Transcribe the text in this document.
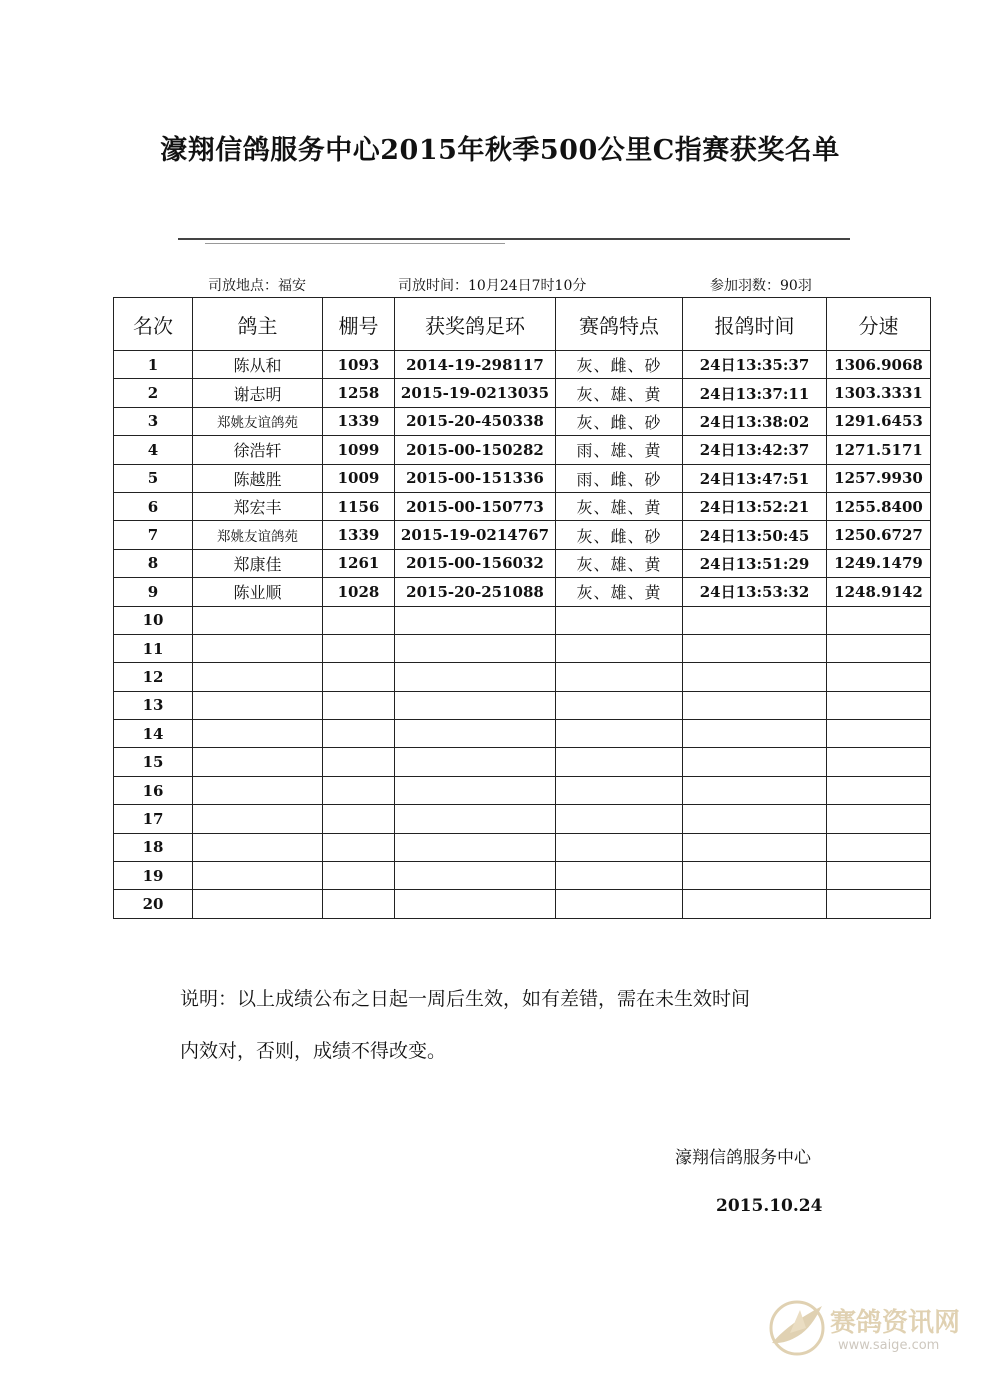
濠翔信鸽服务中心2015年秋季500公里C指赛获奖名单
司放地点：福安	司放时间：10月24日7时10分	参加羽数：90羽
名次	鸽主	棚号	获奖鸽足环	赛鸽特点	报鸽时间	分速
1	陈从和	1093	2014-19-298117	灰、雌、砂	24日13:35:37	1306.9068
2	谢志明	1258	2015-19-0213035	灰、雄、黄	24日13:37:11	1303.3331
3	郑姚友谊鸽苑	1339	2015-20-450338	灰、雌、砂	24日13:38:02	1291.6453
4	徐浩轩	1099	2015-00-150282	雨、雄、黄	24日13:42:37	1271.5171
5	陈越胜	1009	2015-00-151336	雨、雌、砂	24日13:47:51	1257.9930
6	郑宏丰	1156	2015-00-150773	灰、雄、黄	24日13:52:21	1255.8400
7	郑姚友谊鸽苑	1339	2015-19-0214767	灰、雌、砂	24日13:50:45	1250.6727
8	郑康佳	1261	2015-00-156032	灰、雄、黄	24日13:51:29	1249.1479
9	陈业顺	1028	2015-20-251088	灰、雄、黄	24日13:53:32	1248.9142
10						
11						
12						
13						
14						
15						
16						
17						
18						
19						
20						
说明：以上成绩公布之日起一周后生效，如有差错，需在未生效时间
内效对，否则，成绩不得改变。
濠翔信鸽服务中心
2015.10.24
赛鸽资讯网
www.saige.com
